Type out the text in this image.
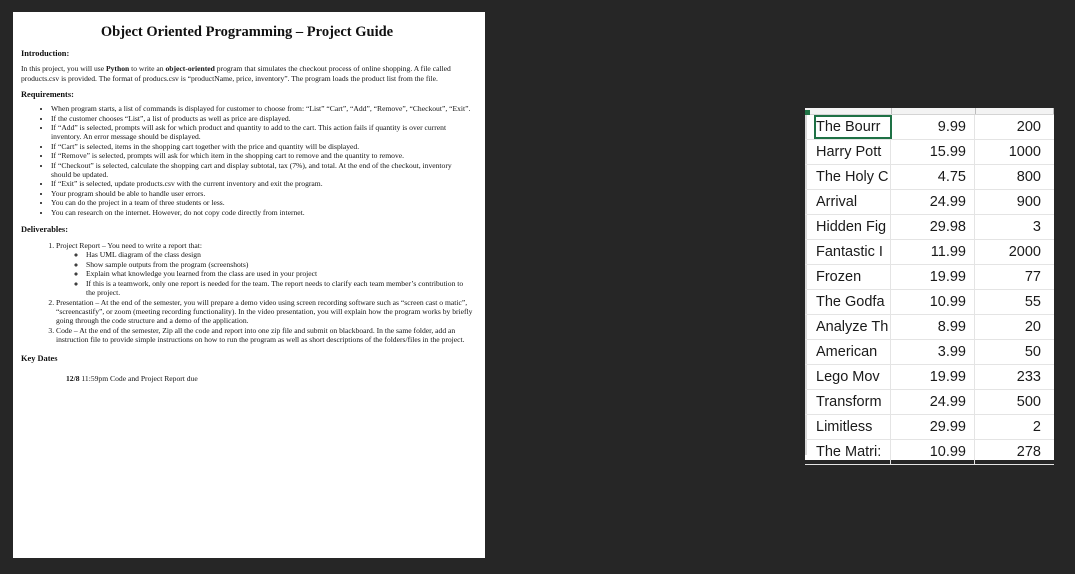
Object Oriented Programming – Project Guide
Introduction:

In this project, you will use Python to write an object-oriented program that simulates the checkout process of online shopping. A file called products.csv is provided. The format of producs.csv is “productName, price, inventory”. The program loads the product list from the file.

Requirements:
• When program starts, a list of commands is displayed for customer to choose from: “List” “Cart”, “Add”, “Remove”, “Checkout”, “Exit”.
• If the customer chooses “List”, a list of products as well as price are displayed.
• If “Add” is selected, prompts will ask for which product and quantity to add to the cart. This action fails if quantity is over current inventory. An error message should be displayed.
• If “Cart” is selected, items in the shopping cart together with the price and quantity will be displayed.
• If “Remove” is selected, prompts will ask for which item in the shopping cart to remove and the quantity to remove.
• If “Checkout” is selected, calculate the shopping cart and display subtotal, tax (7%), and total. At the end of the checkout, inventory should be updated.
• If “Exit” is selected, update products.csv with the current inventory and exit the program.
• Your program should be able to handle user errors.
• You can do the project in a team of three students or less.
• You can research on the internet. However, do not copy code directly from internet.
Deliverables:
1. Project Report – You need to write a report that:
◦ Has UML diagram of the class design
◦ Show sample outputs from the program (screenshots)
◦ Explain what knowledge you learned from the class are used in your project
◦ If this is a teamwork, only one report is needed for the team. The report needs to clarify each team member’s contribution to the project.
2. Presentation – At the end of the semester, you will prepare a demo video using screen recording software such as “screen cast o matic”, “screencastify”, or zoom (meeting recording functionality). In the video presentation, you will explain how the program works by briefly going through the code structure and a demo of the application.
3. Code – At the end of the semester, Zip all the code and report into one zip file and submit on blackboard. In the same folder, add an instruction file to provide simple instructions on how to run the program as well as short descriptions of the folders/files in the project.
Key Dates
12/8 11:59pm Code and Project Report due
The Bourr	9.99	200
Harry Pott	15.99	1000
The Holy C	4.75	800
Arrival	24.99	900
Hidden Fig	29.98	3
Fantastic I	11.99	2000
Frozen	19.99	77
The Godfa	10.99	55
Analyze Th	8.99	20
American	3.99	50
Lego Mov	19.99	233
Transform	24.99	500
Limitless	29.99	2
The Matri:	10.99	278
